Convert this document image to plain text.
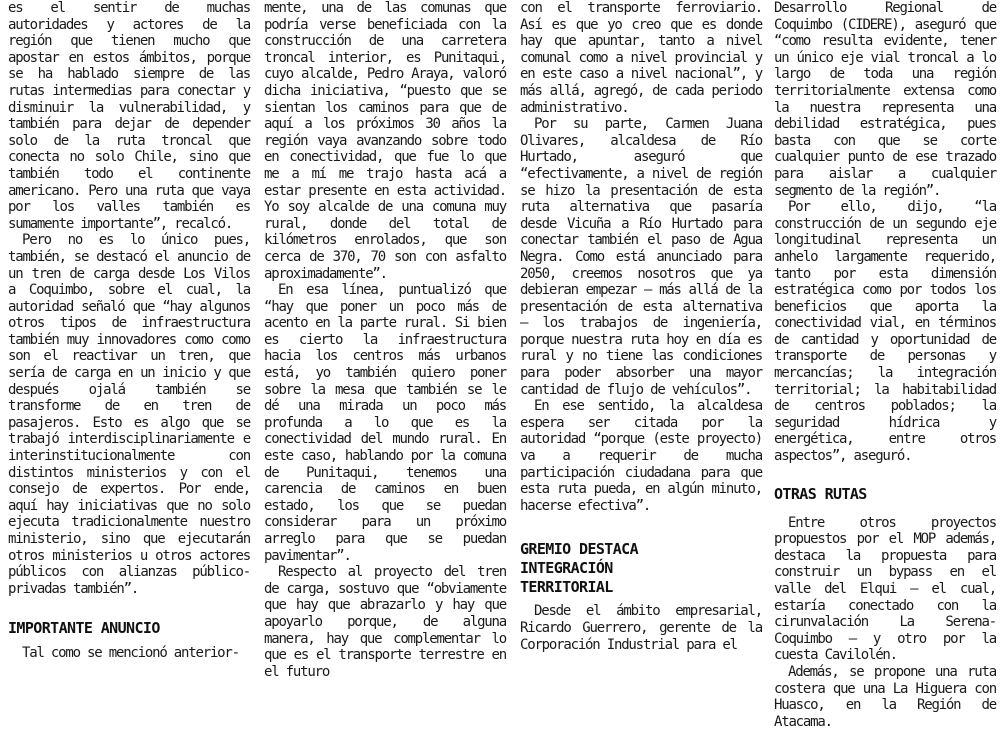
es el sentir de muchas autoridades y actores de la región que tienen mucho que apostar en estos ámbitos, porque se ha hablado siempre de las rutas intermedias para conectar y disminuir la vulnerabilidad, y también para dejar de depender solo de la ruta troncal que conecta no solo Chile, sino que también todo el continente americano. Pero una ruta que vaya por los valles también es sumamente importante”, recalcó.

Pero no es lo único pues, también, se destacó el anuncio de un tren de carga desde Los Vilos a Coquimbo, sobre el cual, la autoridad señaló que “hay algunos otros tipos de infraestructura también muy innovadores como como son el reactivar un tren, que sería de carga en un inicio y que después ojalá también se transforme de en tren de pasajeros. Esto es algo que se trabajó interdisciplinariamente e interinstitucionalmente con distintos ministerios y con el consejo de expertos. Por ende, aquí hay iniciativas que no solo ejecuta tradicionalmente nuestro ministerio, sino que ejecutarán otros ministerios u otros actores públicos con alianzas público-privadas también”.

IMPORTANTE ANUNCIO

Tal como se mencionó anterior-

mente, una de las comunas que podría verse beneficiada con la construcción de una carretera troncal interior, es Punitaqui, cuyo alcalde, Pedro Araya, valoró dicha iniciativa, “puesto que se sientan los caminos para que de aquí a los próximos 30 años la región vaya avanzando sobre todo en conectividad, que fue lo que me a mí me trajo hasta acá a estar presente en esta actividad. Yo soy alcalde de una comuna muy rural, donde del total de kilómetros enrolados, que son cerca de 370, 70 son con asfalto aproximadamente”.

En esa línea, puntualizó que “hay que poner un poco más de acento en la parte rural. Si bien es cierto la infraestructura hacia los centros más urbanos está, yo también quiero poner sobre la mesa que también se le dé una mirada un poco más profunda a lo que es la conectividad del mundo rural. En este caso, hablando por la comuna de Punitaqui, tenemos una carencia de caminos en buen estado, los que se puedan considerar para un próximo arreglo para que se puedan pavimentar”.

Respecto al proyecto del tren de carga, sostuvo que “obviamente que hay que abrazarlo y hay que apoyarlo porque, de alguna manera, hay que complementar lo que es el transporte terrestre en el futuro

con el transporte ferroviario. Así es que yo creo que es donde hay que apuntar, tanto a nivel comunal como a nivel provincial y en este caso a nivel nacional”, y más allá, agregó, de cada periodo administrativo.

Por su parte, Carmen Juana Olivares, alcaldesa de Río Hurtado, aseguró que “efectivamente, a nivel de región se hizo la presentación de esta ruta alternativa que pasaría desde Vicuña a Río Hurtado para conectar también el paso de Agua Negra. Como está anunciado para 2050, creemos nosotros que ya debieran empezar – más allá de la presentación de esta alternativa – los trabajos de ingeniería, porque nuestra ruta hoy en día es rural y no tiene las condiciones para poder absorber una mayor cantidad de flujo de vehículos”.

En ese sentido, la alcaldesa espera ser citada por la autoridad “porque (este proyecto) va a requerir de mucha participación ciudadana para que esta ruta pueda, en algún minuto, hacerse efectiva”.

GREMIO DESTACA INTEGRACIÓN TERRITORIAL

Desde el ámbito empresarial, Ricardo Guerrero, gerente de la Corporación Industrial para el

Desarrollo Regional de Coquimbo (CIDERE), aseguró que “como resulta evidente, tener un único eje vial troncal a lo largo de toda una región territorialmente extensa como la nuestra representa una debilidad estratégica, pues basta con que se corte cualquier punto de ese trazado para aislar a cualquier segmento de la región”.

Por ello, dijo, “la construcción de un segundo eje longitudinal representa un anhelo largamente requerido, tanto por esta dimensión estratégica como por todos los beneficios que aporta la conectividad vial, en términos de cantidad y oportunidad de transporte de personas y mercancías; la integración territorial; la habitabilidad de centros poblados; la seguridad hídrica y energética, entre otros aspectos”, aseguró.

OTRAS RUTAS

Entre otros proyectos propuestos por el MOP además, destaca la propuesta para construir un bypass en el valle del Elqui – el cual, estaría conectado con la cirunvalación La Serena-Coquimbo – y otro por la cuesta Cavilolén.

Además, se propone una ruta costera que una La Higuera con Huasco, en la Región de Atacama.
